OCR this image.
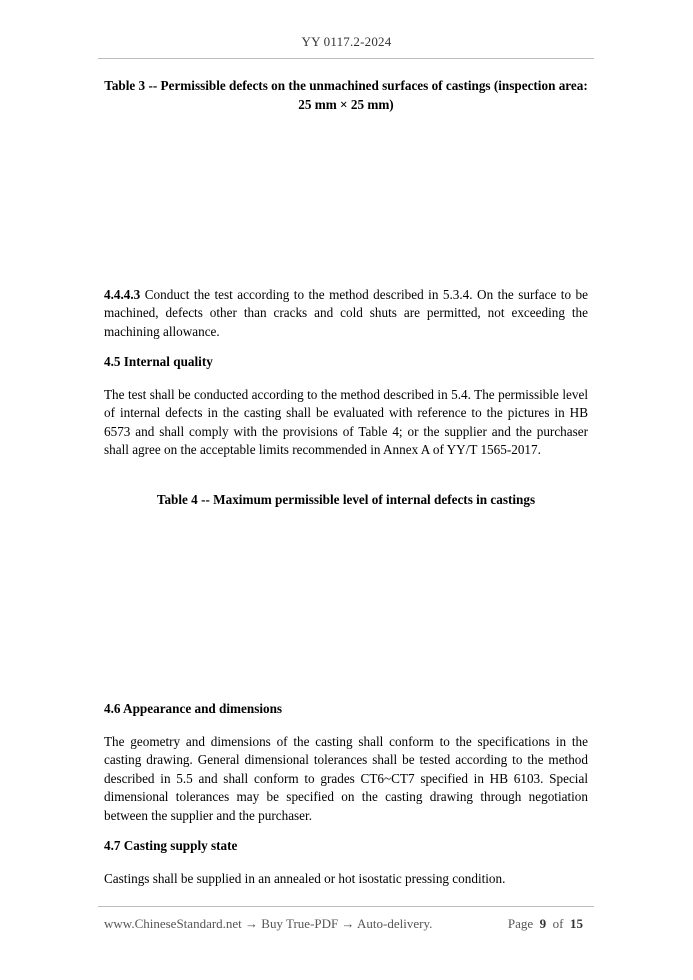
YY 0117.2-2024
Table 3 -- Permissible defects on the unmachined surfaces of castings (inspection area: 25 mm × 25 mm)
4.4.4.3 Conduct the test according to the method described in 5.3.4. On the surface to be machined, defects other than cracks and cold shuts are permitted, not exceeding the machining allowance.
4.5 Internal quality
The test shall be conducted according to the method described in 5.4. The permissible level of internal defects in the casting shall be evaluated with reference to the pictures in HB 6573 and shall comply with the provisions of Table 4; or the supplier and the purchaser shall agree on the acceptable limits recommended in Annex A of YY/T 1565-2017.
Table 4 -- Maximum permissible level of internal defects in castings
4.6 Appearance and dimensions
The geometry and dimensions of the casting shall conform to the specifications in the casting drawing. General dimensional tolerances shall be tested according to the method described in 5.5 and shall conform to grades CT6~CT7 specified in HB 6103. Special dimensional tolerances may be specified on the casting drawing through negotiation between the supplier and the purchaser.
4.7 Casting supply state
Castings shall be supplied in an annealed or hot isostatic pressing condition.
www.ChineseStandard.net → Buy True-PDF → Auto-delivery.	Page 9 of 15
